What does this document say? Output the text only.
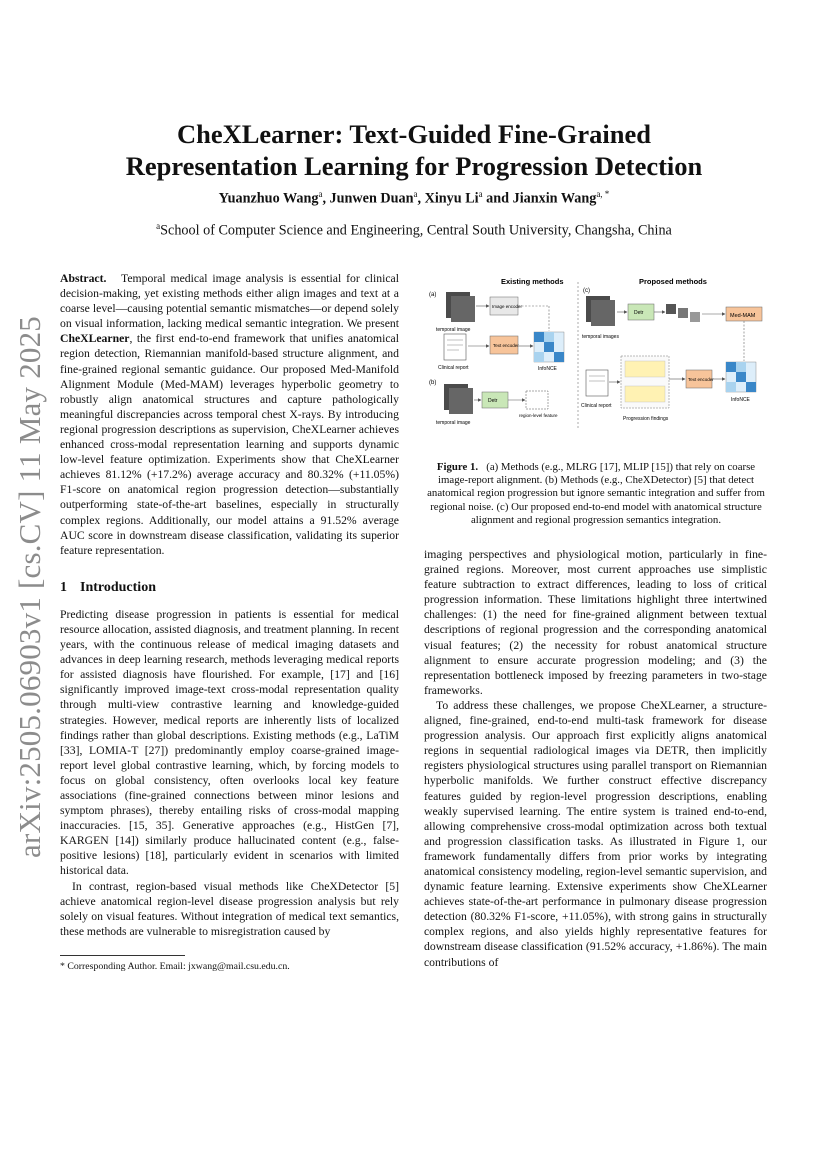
arXiv:2505.06903v1 [cs.CV] 11 May 2025
CheXLearner: Text-Guided Fine-Grained
Representation Learning for Progression Detection
Yuanzhuo Wang$^a$, Junwen Duan$^a$, Xinyu Li$^a$ and Jianxin Wang$^{a, *}$
$^a$School of Computer Science and Engineering, Central South University, Changsha, China

Abstract. Temporal medical image analysis is essential for clinical decision-making, yet existing methods either align images and text at a coarse level—causing potential semantic mismatches—or depend solely on visual information, lacking medical semantic integration. We present CheXLearner, the first end-to-end framework that unifies anatomical region detection, Riemannian manifold-based structure alignment, and fine-grained regional semantic guidance. Our proposed Med-Manifold Alignment Module (Med-MAM) leverages hyperbolic geometry to robustly align anatomical structures and capture pathologically meaningful discrepancies across temporal chest X-rays. By introducing regional progression descriptions as supervision, CheXLearner achieves enhanced cross-modal representation learning and supports dynamic low-level feature optimization. Experiments show that CheXLearner achieves 81.12% (+17.2%) average accuracy and 80.32% (+11.05%) F1-score on anatomical region progression detection—substantially outperforming state-of-the-art baselines, especially in structurally complex regions. Additionally, our model attains a 91.52% average AUC score in downstream disease classification, validating its superior feature representation.

1 Introduction

Predicting disease progression in patients is essential for medical resource allocation, assisted diagnosis, and treatment planning. In recent years, with the continuous release of medical imaging datasets and advances in deep learning research, methods leveraging medical reports for assisted diagnosis have flourished. For example, [17] and [16] significantly improved image-text cross-modal representation quality through multi-view contrastive learning and knowledge-guided strategies. However, medical reports are inherently lists of localized findings rather than global descriptions. Existing methods (e.g., LaTiM [33], LOMIA-T [27]) predominantly employ coarse-grained image-report level global contrastive learning, which, by forcing models to focus on global consistency, often overlooks local key feature associations (fine-grained connections between minor lesions and symptom phrases), thereby entailing risks of cross-modal mapping inaccuracies. [15, 35]. Generative approaches (e.g., HistGen [7], KARGEN [14]) similarly produce hallucinated content (e.g., false-positive lesions) [18], particularly evident in scenarios with limited historical data.

In contrast, region-based visual methods like CheXDetector [5] achieve anatomical region-level disease progression analysis but rely solely on visual features. Without integration of medical text semantics, these methods are vulnerable to misregistration caused by

* Corresponding Author. Email: jxwang@mail.csu.edu.cn.
Existing methods	Proposed methods
(a)
temporal image
Image encoder
Clinical report
Text encoder
InfoNCE
(b)
temporal image
Detr
region-level feature
(c)
temporal images
Detr	Med-MAM
Clinical report
Progression findings
Text encoder
InfoNCE
Figure 1. (a) Methods (e.g., MLRG [17], MLIP [15]) that rely on coarse image-report alignment. (b) Methods (e.g., CheXDetector) [5] that detect anatomical region progression but ignore semantic integration and suffer from regional noise. (c) Our proposed end-to-end model with anatomical structure alignment and regional progression semantics integration.

imaging perspectives and physiological motion, particularly in fine-grained regions. Moreover, most current approaches use simplistic feature subtraction to extract differences, leading to loss of critical progression information. These limitations highlight three intertwined challenges: (1) the need for fine-grained alignment between textual descriptions of regional progression and the corresponding anatomical visual features; (2) the necessity for robust anatomical structure alignment to ensure accurate progression modeling; and (3) the representation bottleneck imposed by freezing parameters in two-stage frameworks.

To address these challenges, we propose CheXLearner, a structure-aligned, fine-grained, end-to-end multi-task framework for disease progression analysis. Our approach first explicitly aligns anatomical regions in sequential radiological images via DETR, then implicitly registers physiological structures using parallel transport on Riemannian hyperbolic manifolds. We further construct effective discrepancy features guided by region-level progression descriptions, enabling weakly supervised learning. The entire system is trained end-to-end, allowing comprehensive cross-modal optimization across both textual and progression classification tasks. As illustrated in Figure 1, our framework fundamentally differs from prior works by integrating anatomical consistency modeling, region-level semantic supervision, and dynamic feature learning. Extensive experiments show CheXLearner achieves state-of-the-art performance in pulmonary disease progression detection (80.32% F1-score, +11.05%), with strong gains in structurally complex regions, and also yields highly representative features for downstream disease classification (91.52% accuracy, +1.86%). The main contributions of
